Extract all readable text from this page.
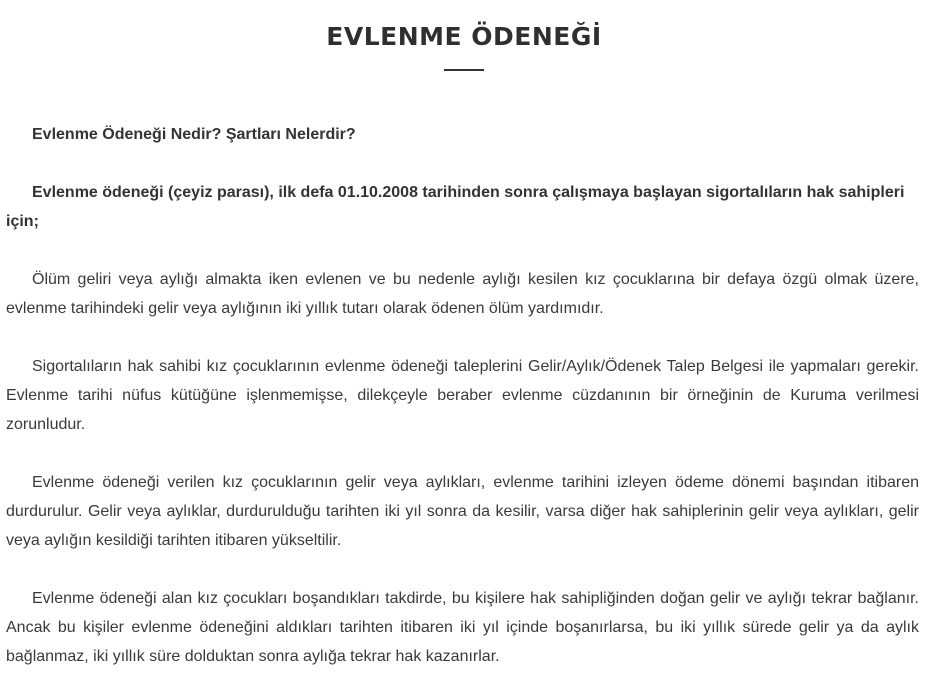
EVLENME ÖDENEĞİ

Evlenme Ödeneği Nedir? Şartları Nelerdir?

Evlenme ödeneği (çeyiz parası), ilk defa 01.10.2008 tarihinden sonra çalışmaya başlayan sigortalıların hak sahipleri için;

Ölüm geliri veya aylığı almakta iken evlenen ve bu nedenle aylığı kesilen kız çocuklarına bir defaya özgü olmak üzere, evlenme tarihindeki gelir veya aylığının iki yıllık tutarı olarak ödenen ölüm yardımıdır.

Sigortalıların hak sahibi kız çocuklarının evlenme ödeneği taleplerini Gelir/Aylık/Ödenek Talep Belgesi ile yapmaları gerekir. Evlenme tarihi nüfus kütüğüne işlenmemişse, dilekçeyle beraber evlenme cüzdanının bir örneğinin de Kuruma verilmesi zorunludur.

Evlenme ödeneği verilen kız çocuklarının gelir veya aylıkları, evlenme tarihini izleyen ödeme dönemi başından itibaren durdurulur. Gelir veya aylıklar, durdurulduğu tarihten iki yıl sonra da kesilir, varsa diğer hak sahiplerinin gelir veya aylıkları, gelir veya aylığın kesildiği tarihten itibaren yükseltilir.

Evlenme ödeneği alan kız çocukları boşandıkları takdirde, bu kişilere hak sahipliğinden doğan gelir ve aylığı tekrar bağlanır. Ancak bu kişiler evlenme ödeneğini aldıkları tarihten itibaren iki yıl içinde boşanırlarsa, bu iki yıllık sürede gelir ya da aylık bağlanmaz, iki yıllık süre dolduktan sonra aylığa tekrar hak kazanırlar.
